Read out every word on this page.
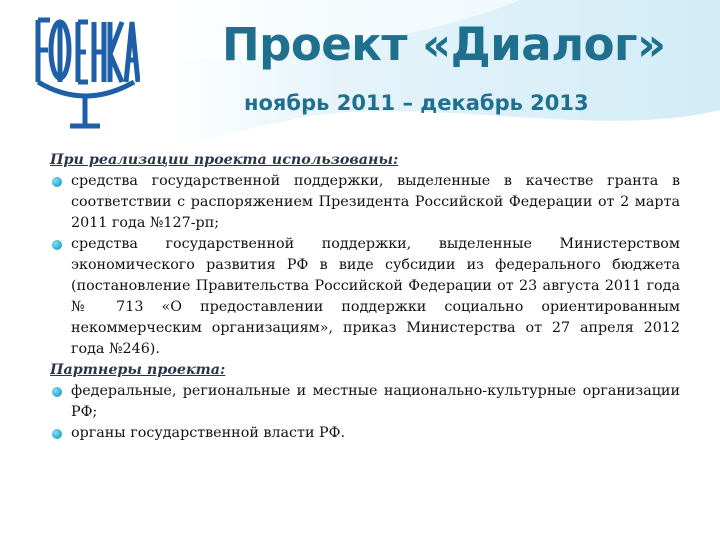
Проект «Диалог»
ноябрь 2011 – декабрь 2013
При реализации проекта использованы:
средства государственной поддержки, выделенные в качестве гранта в соответствии с распоряжением Президента Российской Федерации от 2 марта 2011 года №127-рп;
средства государственной поддержки, выделенные Министерством экономического развития РФ в виде субсидии из федерального бюджета (постановление Правительства Российской Федерации от 23 августа 2011 года № 713 «О предоставлении поддержки социально ориентированным некоммерческим организациям», приказ Министерства от 27 апреля 2012 года №246).
Партнеры проекта:
федеральные, региональные и местные национально-культурные организации РФ;
органы государственной власти РФ.
